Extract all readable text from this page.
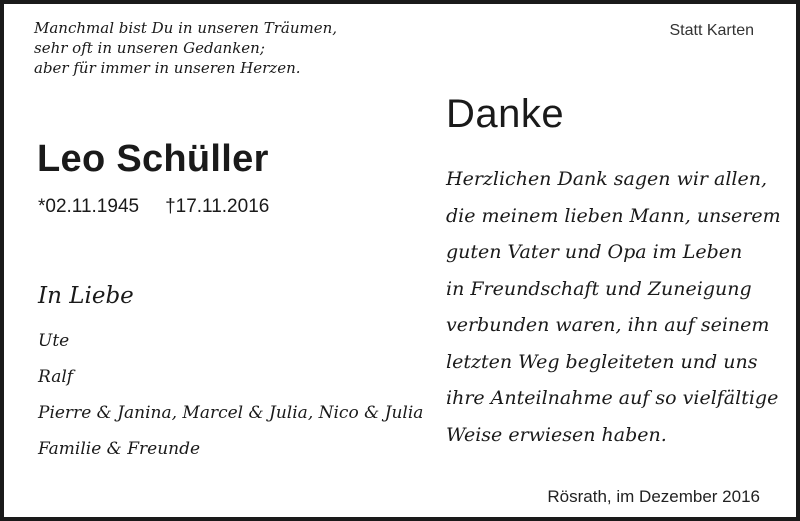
Manchmal bist Du in unseren Träumen,
sehr oft in unseren Gedanken;
aber für immer in unseren Herzen.
Statt Karten
Leo Schüller
*02.11.1945 †17.11.2016
In Liebe
Ute
Ralf
Pierre & Janina, Marcel & Julia, Nico & Julia
Familie & Freunde
Danke
Herzlichen Dank sagen wir allen,
die meinem lieben Mann, unserem
guten Vater und Opa im Leben
in Freundschaft und Zuneigung
verbunden waren, ihn auf seinem
letzten Weg begleiteten und uns
ihre Anteilnahme auf so vielfältige
Weise erwiesen haben.
Rösrath, im Dezember 2016
